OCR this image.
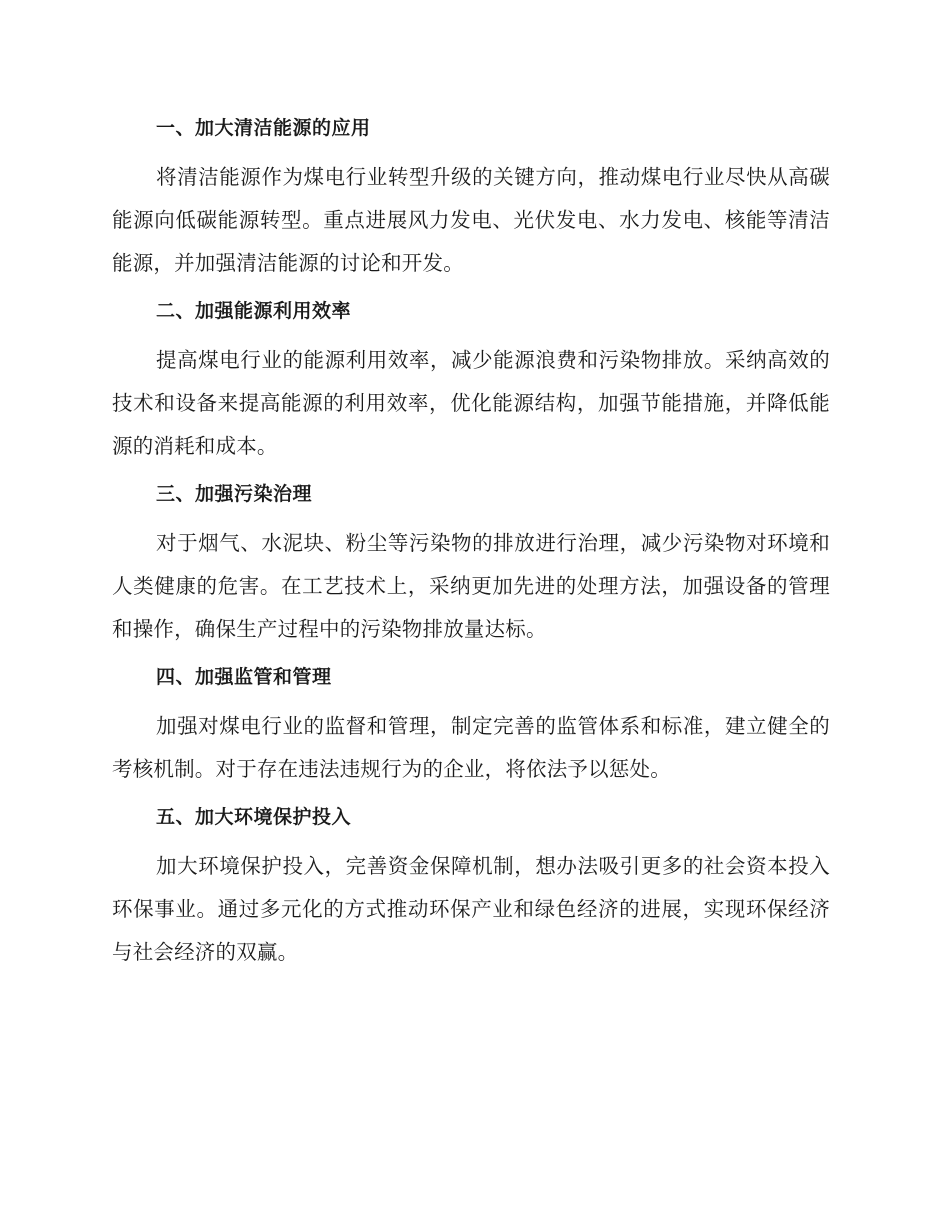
一、加大清洁能源的应用

将清洁能源作为煤电行业转型升级的关键方向，推动煤电行业尽快从高碳能源向低碳能源转型。重点进展风力发电、光伏发电、水力发电、核能等清洁能源，并加强清洁能源的讨论和开发。

二、加强能源利用效率

提高煤电行业的能源利用效率，减少能源浪费和污染物排放。采纳高效的技术和设备来提高能源的利用效率，优化能源结构，加强节能措施，并降低能源的消耗和成本。

三、加强污染治理

对于烟气、水泥块、粉尘等污染物的排放进行治理，减少污染物对环境和人类健康的危害。在工艺技术上，采纳更加先进的处理方法，加强设备的管理和操作，确保生产过程中的污染物排放量达标。

四、加强监管和管理

加强对煤电行业的监督和管理，制定完善的监管体系和标准，建立健全的考核机制。对于存在违法违规行为的企业，将依法予以惩处。

五、加大环境保护投入

加大环境保护投入，完善资金保障机制，想办法吸引更多的社会资本投入环保事业。通过多元化的方式推动环保产业和绿色经济的进展，实现环保经济与社会经济的双赢。
